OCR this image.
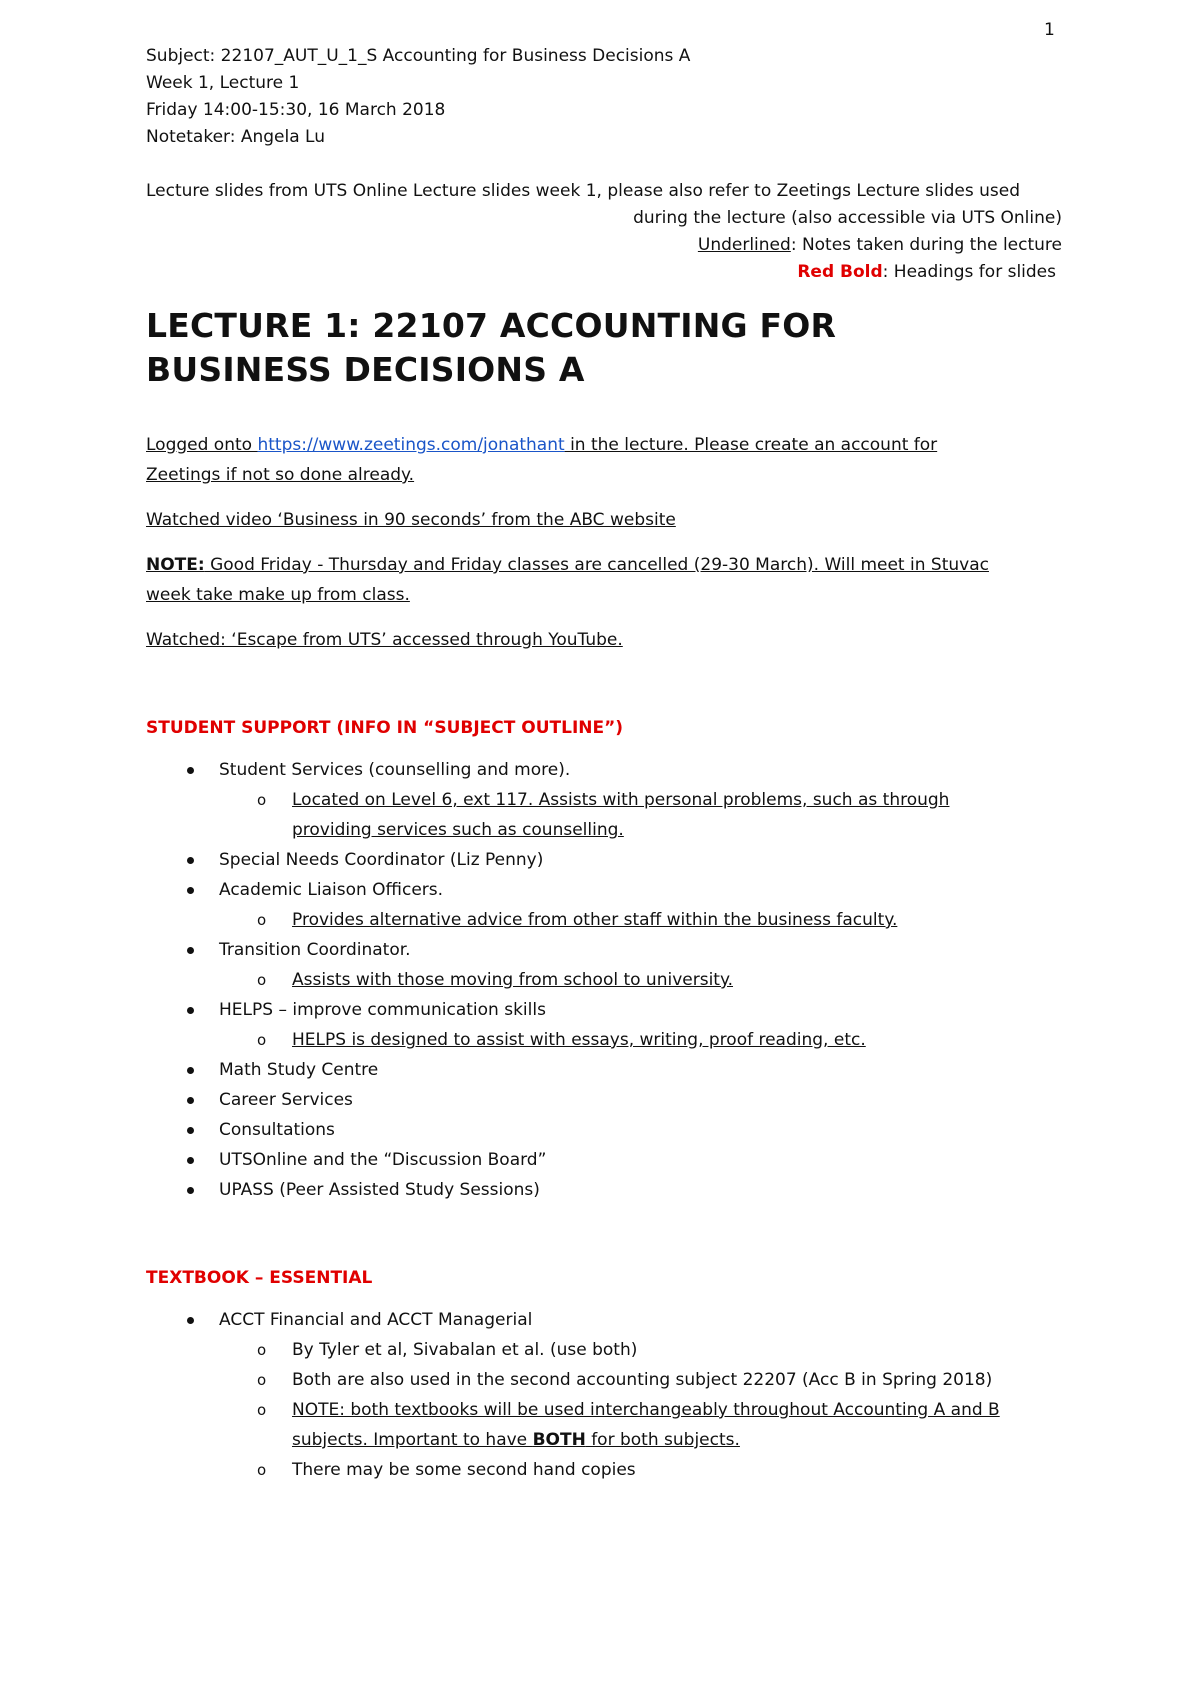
1

Subject: 22107_AUT_U_1_S Accounting for Business Decisions A

Week 1, Lecture 1

Friday 14:00-15:30, 16 March 2018

Notetaker: Angela Lu

Lecture slides from UTS Online Lecture slides week 1, please also refer to Zeetings Lecture slides used

during the lecture (also accessible via UTS Online)

Underlined: Notes taken during the lecture

Red Bold: Headings for slides

LECTURE 1: 22107 ACCOUNTING FOR
BUSINESS DECISIONS A

Logged onto https://www.zeetings.com/jonathant in the lecture. Please create an account for
Zeetings if not so done already.

Watched video ‘Business in 90 seconds’ from the ABC website

NOTE: Good Friday - Thursday and Friday classes are cancelled (29-30 March). Will meet in Stuvac
week take make up from class.

Watched: ‘Escape from UTS’ accessed through YouTube.

STUDENT SUPPORT (INFO IN “SUBJECT OUTLINE”)

Student Services (counselling and more).
o Located on Level 6, ext 117. Assists with personal problems, such as through
providing services such as counselling.
Special Needs Coordinator (Liz Penny)
Academic Liaison Officers.
o Provides alternative advice from other staff within the business faculty.
Transition Coordinator.
o Assists with those moving from school to university.
HELPS – improve communication skills
o HELPS is designed to assist with essays, writing, proof reading, etc.
Math Study Centre
Career Services
Consultations
UTSOnline and the “Discussion Board”
UPASS (Peer Assisted Study Sessions)

TEXTBOOK – ESSENTIAL

ACCT Financial and ACCT Managerial
o By Tyler et al, Sivabalan et al. (use both)
o Both are also used in the second accounting subject 22207 (Acc B in Spring 2018)
o NOTE: both textbooks will be used interchangeably throughout Accounting A and B
subjects. Important to have BOTH for both subjects.
o There may be some second hand copies
